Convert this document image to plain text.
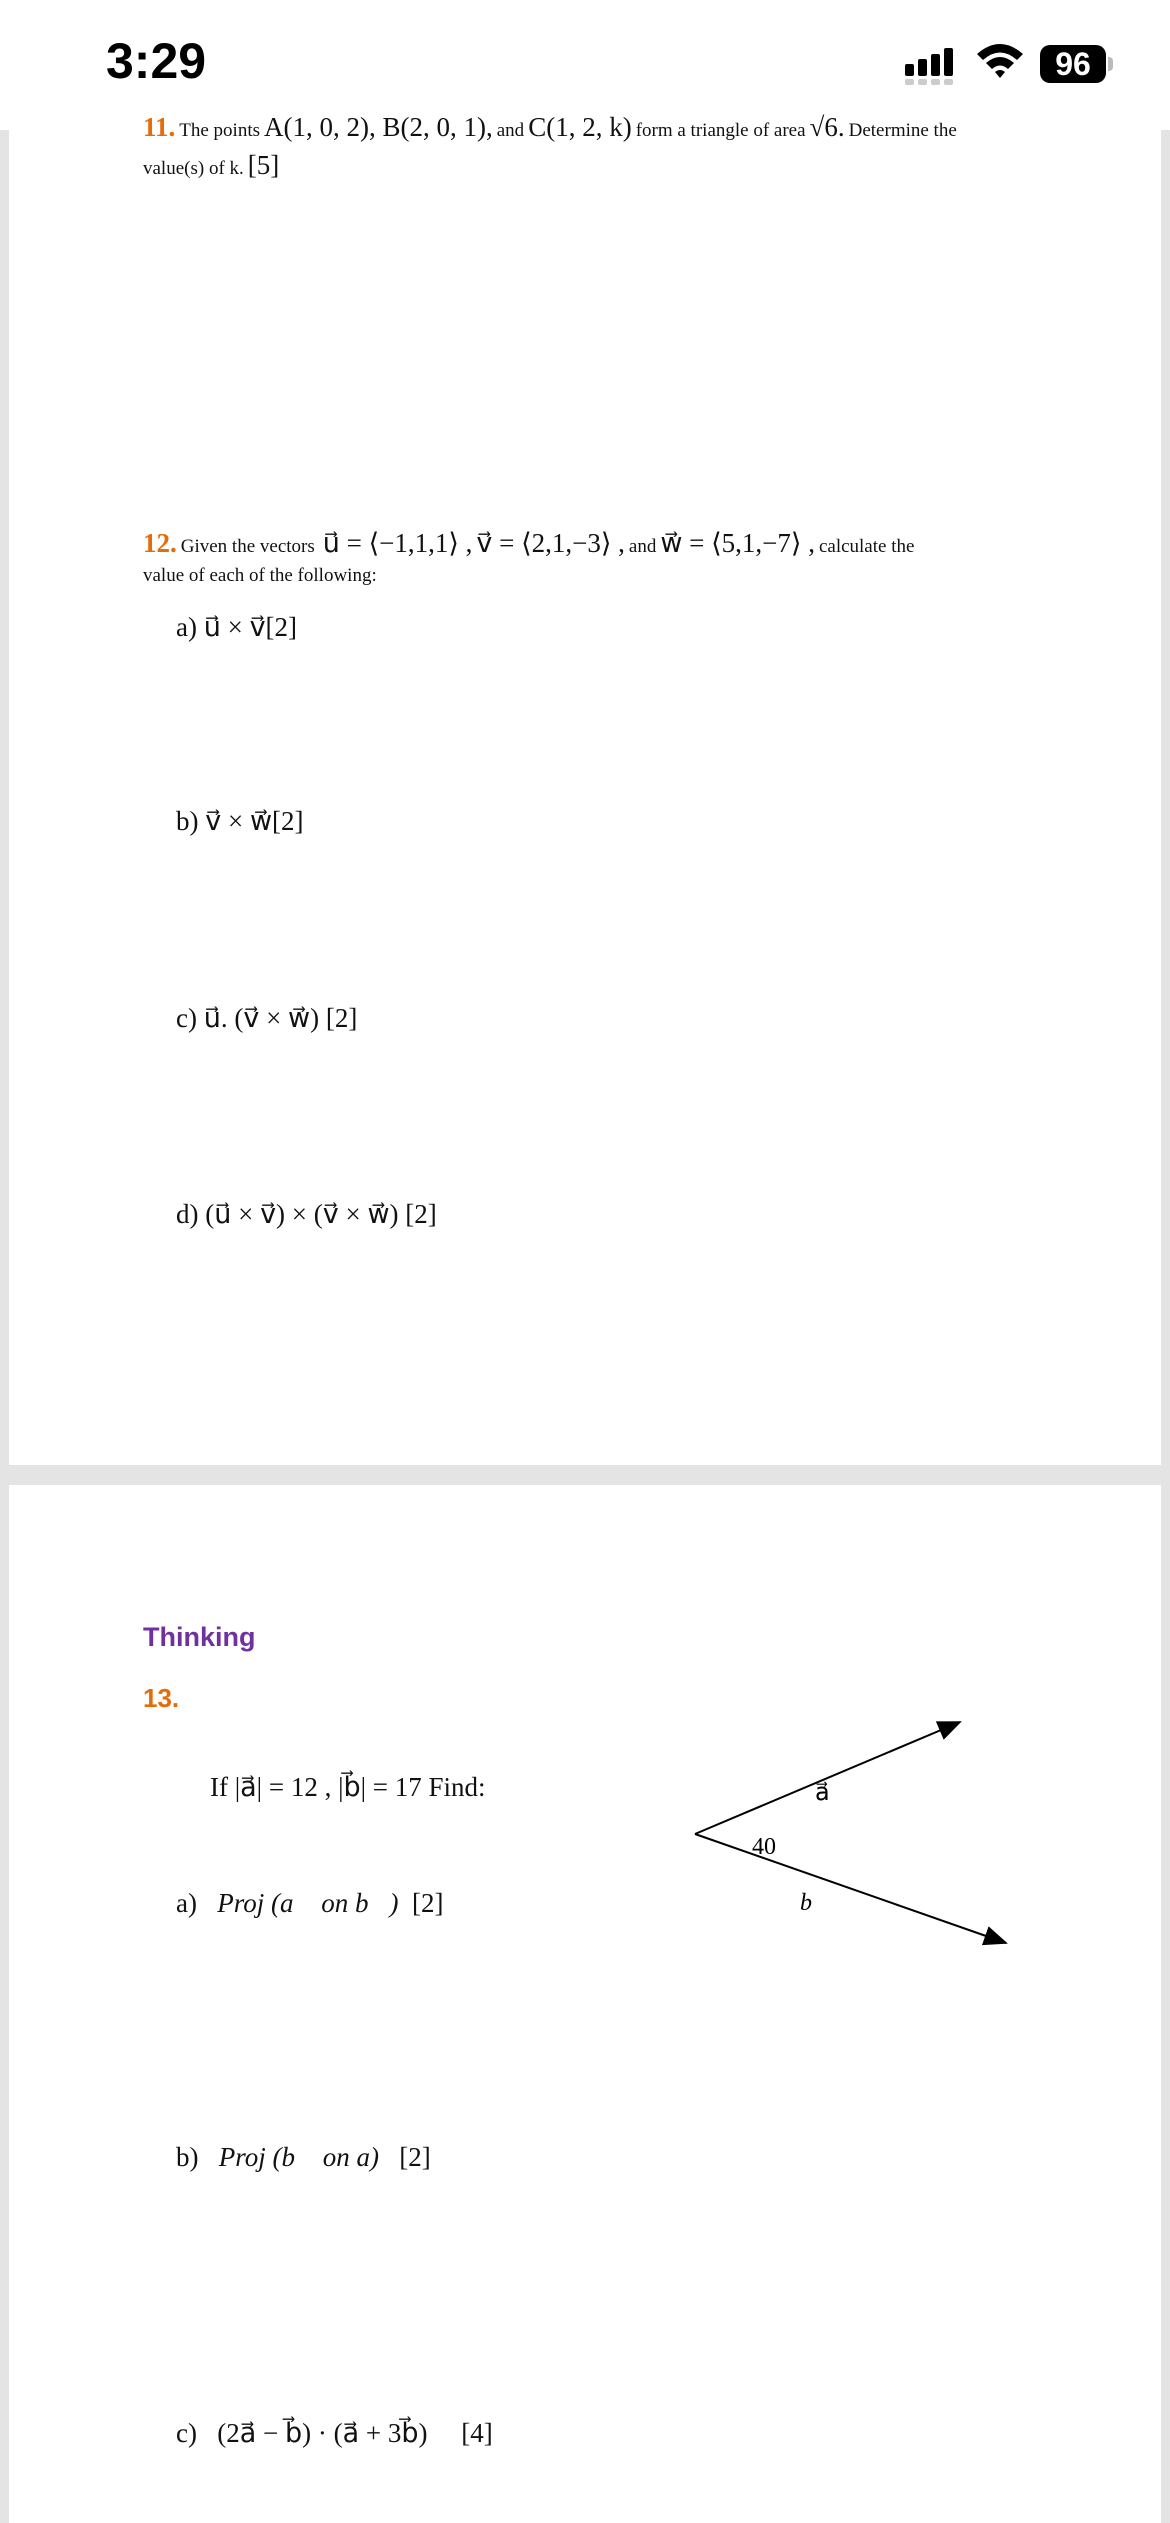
3:29	96
11. The points A(1, 0, 2), B(2, 0, 1), and C(1, 2, k) form a triangle of area √6. Determine the
value(s) of k. [5]
12. Given the vectors u⃗ = ⟨−1,1,1⟩ , v⃗ = ⟨2,1,−3⟩ , and w⃗ = ⟨5,1,−7⟩ , calculate the
value of each of the following:
a) u⃗ × v⃗[2]
b) v⃗ × w⃗[2]
c) u⃗. (v⃗ × w⃗) [2]
d) (u⃗ × v⃗) × (v⃗ × w⃗) [2]
Thinking
13.
If |a⃗| = 12 , |b⃗| = 17 Find:
a) Proj (a⃗ on b⃗) [2]
b) Proj (b⃗ on a) [2]
c) (2a⃗ − b⃗) · (a⃗ + 3b⃗) [4]
a⃗
b⃗
40
